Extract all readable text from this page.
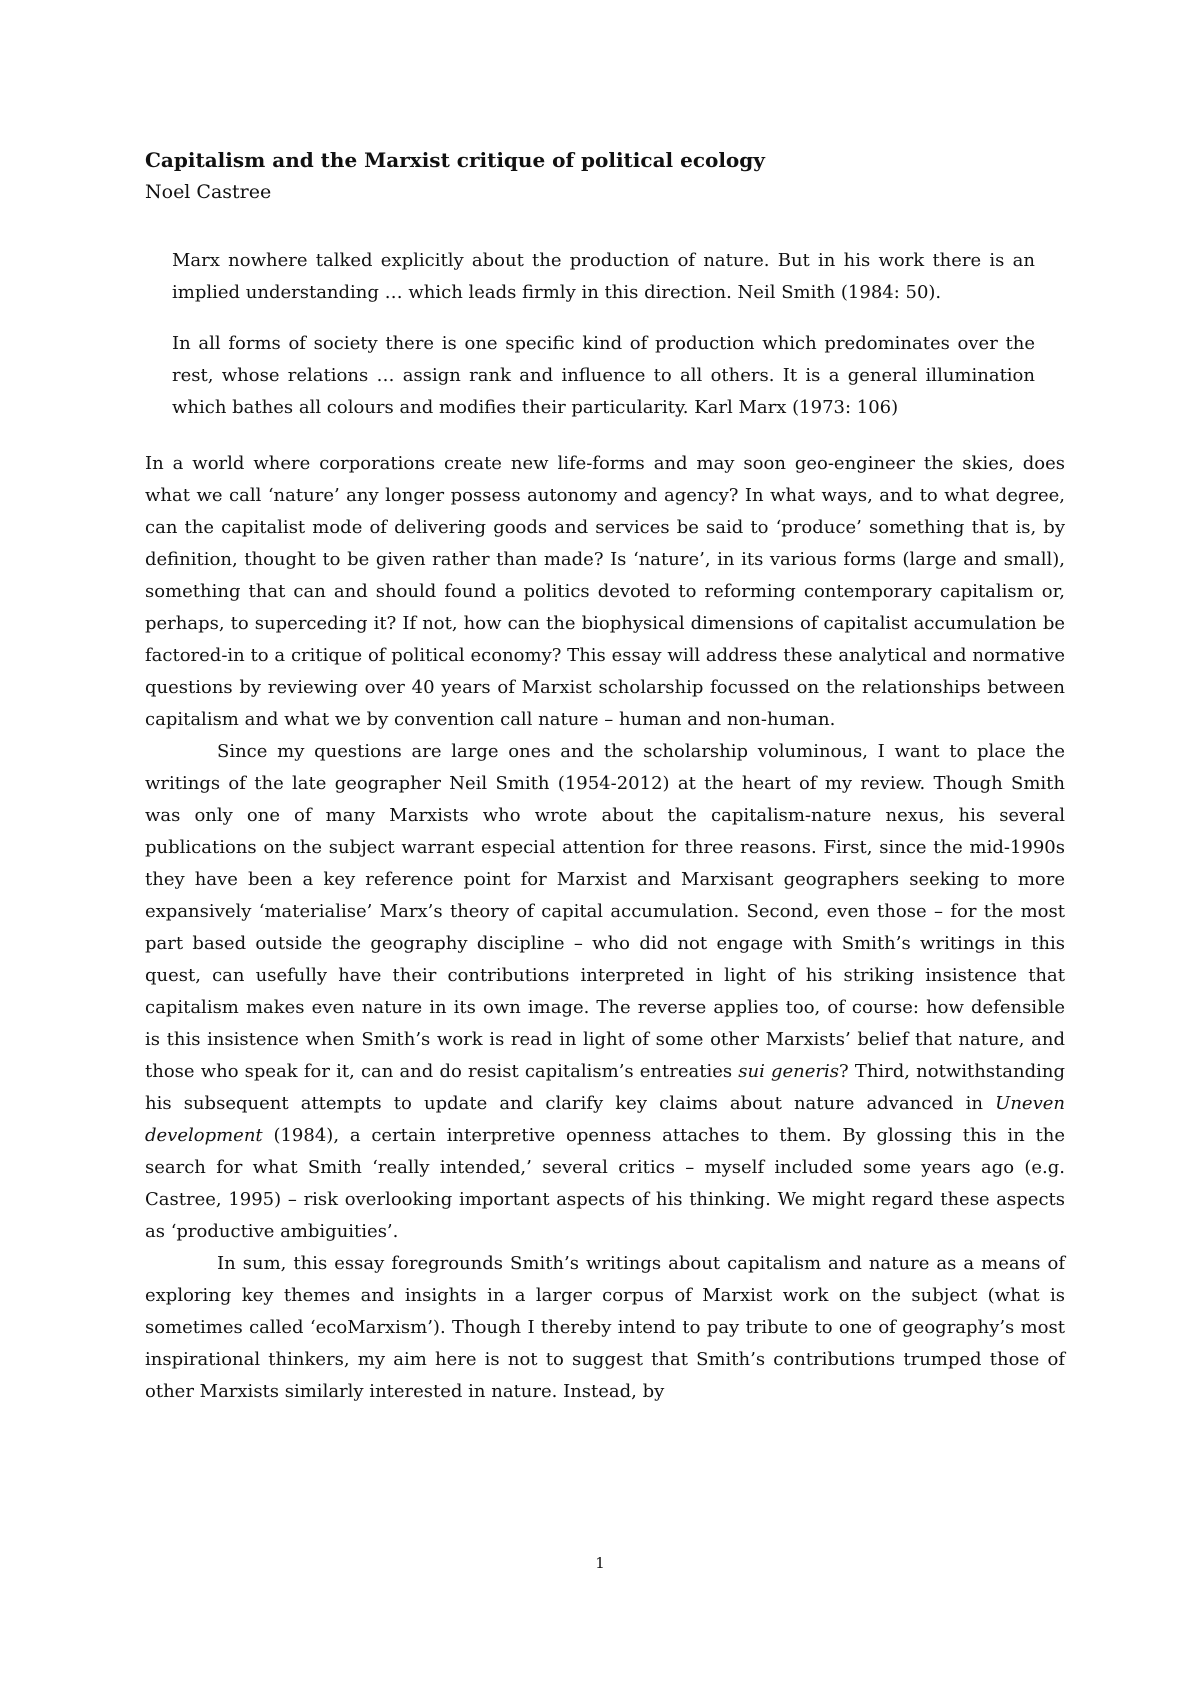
Capitalism and the Marxist critique of political ecology

Noel Castree

Marx nowhere talked explicitly about the production of nature. But in his work there is an implied understanding … which leads firmly in this direction. Neil Smith (1984: 50).

In all forms of society there is one specific kind of production which predominates over the rest, whose relations … assign rank and influence to all others. It is a general illumination which bathes all colours and modifies their particularity. Karl Marx (1973: 106)

In a world where corporations create new life-forms and may soon geo-engineer the skies, does what we call ‘nature’ any longer possess autonomy and agency? In what ways, and to what degree, can the capitalist mode of delivering goods and services be said to ‘produce’ something that is, by definition, thought to be given rather than made? Is ‘nature’, in its various forms (large and small), something that can and should found a politics devoted to reforming contemporary capitalism or, perhaps, to superceding it? If not, how can the biophysical dimensions of capitalist accumulation be factored-in to a critique of political economy? This essay will address these analytical and normative questions by reviewing over 40 years of Marxist scholarship focussed on the relationships between capitalism and what we by convention call nature – human and non-human.

Since my questions are large ones and the scholarship voluminous, I want to place the writings of the late geographer Neil Smith (1954-2012) at the heart of my review. Though Smith was only one of many Marxists who wrote about the capitalism-nature nexus, his several publications on the subject warrant especial attention for three reasons. First, since the mid-1990s they have been a key reference point for Marxist and Marxisant geographers seeking to more expansively ‘materialise’ Marx’s theory of capital accumulation. Second, even those – for the most part based outside the geography discipline – who did not engage with Smith’s writings in this quest, can usefully have their contributions interpreted in light of his striking insistence that capitalism makes even nature in its own image. The reverse applies too, of course: how defensible is this insistence when Smith’s work is read in light of some other Marxists’ belief that nature, and those who speak for it, can and do resist capitalism’s entreaties sui generis? Third, notwithstanding his subsequent attempts to update and clarify key claims about nature advanced in Uneven development (1984), a certain interpretive openness attaches to them. By glossing this in the search for what Smith ‘really intended,’ several critics – myself included some years ago (e.g. Castree, 1995) – risk overlooking important aspects of his thinking. We might regard these aspects as ‘productive ambiguities’.

In sum, this essay foregrounds Smith’s writings about capitalism and nature as a means of exploring key themes and insights in a larger corpus of Marxist work on the subject (what is sometimes called ‘ecoMarxism’). Though I thereby intend to pay tribute to one of geography’s most inspirational thinkers, my aim here is not to suggest that Smith’s contributions trumped those of other Marxists similarly interested in nature. Instead, by

1
